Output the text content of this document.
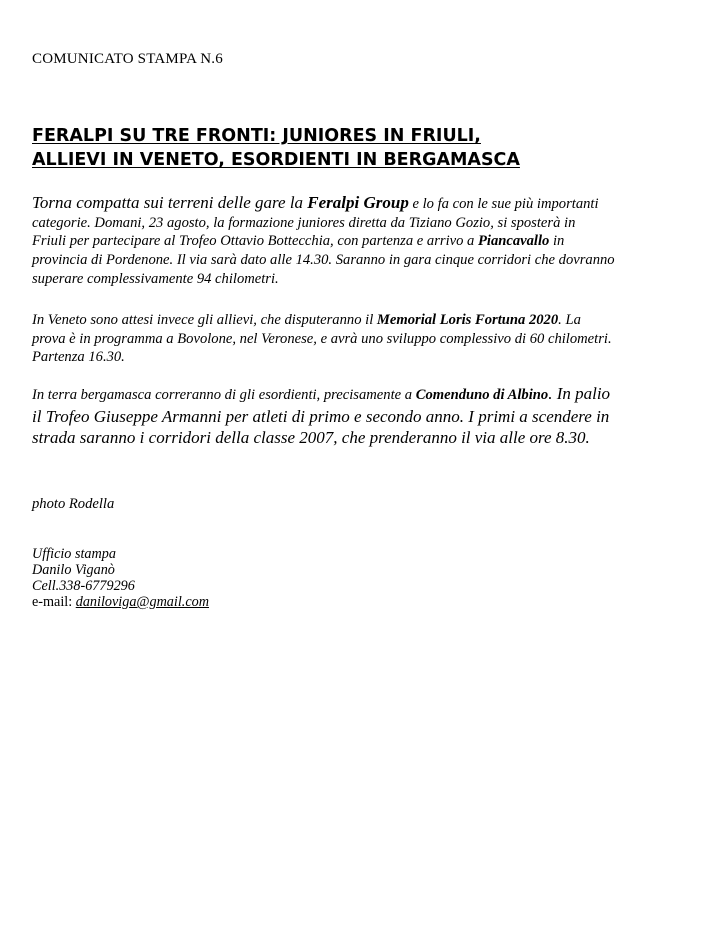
COMUNICATO STAMPA N.6
FERALPI SU TRE FRONTI: JUNIORES IN FRIULI,
ALLIEVI IN VENETO, ESORDIENTI IN BERGAMASCA
Torna compatta sui terreni delle gare la Feralpi Group e lo fa con le sue più importanti
categorie. Domani, 23 agosto, la formazione juniores diretta da Tiziano Gozio, si sposterà in
Friuli per partecipare al Trofeo Ottavio Bottecchia, con partenza e arrivo a Piancavallo in
provincia di Pordenone. Il via sarà dato alle 14.30. Saranno in gara cinque corridori che dovranno
superare complessivamente 94 chilometri.
In Veneto sono attesi invece gli allievi, che disputeranno il Memorial Loris Fortuna 2020. La
prova è in programma a Bovolone, nel Veronese, e avrà uno sviluppo complessivo di 60 chilometri.
Partenza 16.30.
In terra bergamasca correranno di gli esordienti, precisamente a Comenduno di Albino. In palio
il Trofeo Giuseppe Armanni per atleti di primo e secondo anno. I primi a scendere in
strada saranno i corridori della classe 2007, che prenderanno il via alle ore 8.30.
photo Rodella
Ufficio stampa
Danilo Viganò
Cell.338-6779296
e-mail: daniloviga@gmail.com
